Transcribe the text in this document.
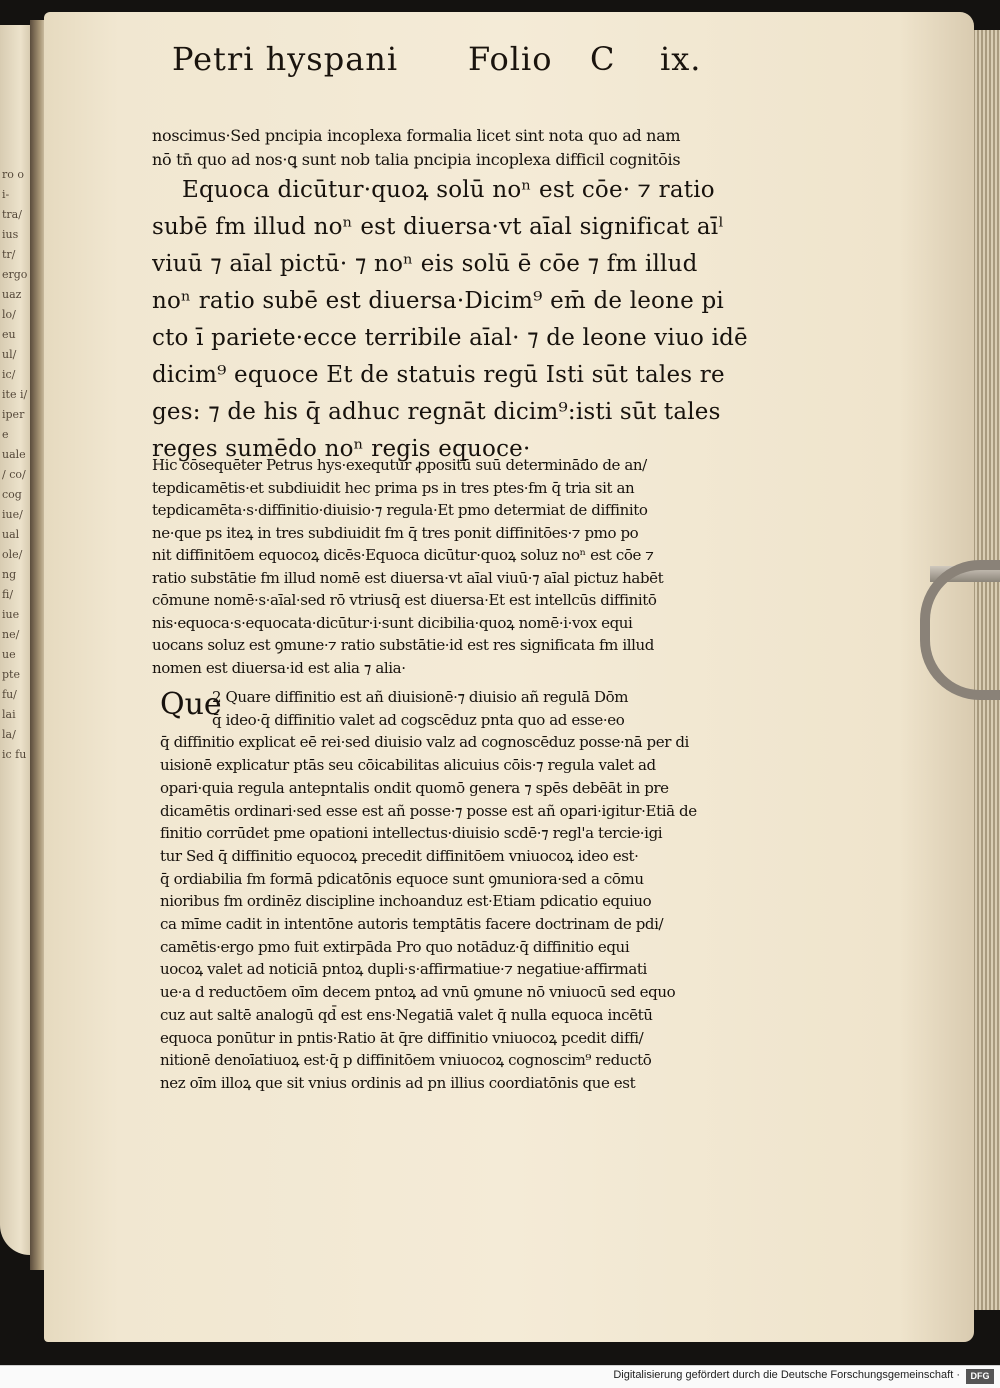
ro o i- tra/ ius tr/ ergo uaz lo/ eu ul/ ic/ ite i/ ipere uale/ co/ cog iue/ ual ole/ ng fi/ iue ne/ ue pte fu/ lai la/ ic fu
Petri hyspani Folio C ix.
noscimus·Sed pncipia incoplexa formalia licet sint nota quo ad nam
nō tn̄ quo ad nos·ꝗ sunt nob talia pncipia incoplexa difficil cognitōis
Equoca dicūtur·quoꝝ solū noⁿ est cōe· ⁊ ratio
subē fm illud noⁿ est diuersa·vt aīal significat aīˡ
viuū ⁊ aīal pictū· ⁊ noⁿ eis solū ē cōe ⁊ fm illud
noⁿ ratio subē est diuersa·Dicim⁹ em̄ de leone pi
cto ī pariete·ecce terribile aīal· ⁊ de leone viuo idē
dicim⁹ equoce Et de statuis regū Isti sūt tales re
ges: ⁊ de his q̄ adhuc regnāt dicim⁹:isti sūt tales
reges sumēdo noⁿ regis equoce·
Hic cōsequēter Petrus hys·exequtur ꝓpositū suū determinādo de an/
tepdicamētis·et subdiuidit hec prima ps in tres ptes·fm q̄ tria sit an
tepdicamēta·s·diffinitio·diuisio·⁊ regula·Et pmo determiat de diffinito
ne·que ps iteꝝ in tres subdiuidit fm q̄ tres ponit diffinitōes·⁊ pmo po
nit diffinitōem equocoꝝ dicēs·Equoca dicūtur·quoꝝ soluz noⁿ est cōe ⁊
ratio substātie fm illud nomē est diuersa·vt aīal viuū·⁊ aīal pictuz habēt
cōmune nomē·s·aīal·sed rō vtriusq̄ est diuersa·Et est intellcūs diffinitō
nis·equoca·s·equocata·dicūtur·i·sunt dicibilia·quoꝝ nomē·i·vox equi
uocans soluz est ꝯmune·⁊ ratio substātie·id est res significata fm illud
nomen est diuersa·id est alia ⁊ alia·
2 Quare diffinitio est añ diuisionē·⁊ diuisio añ regulā Dōm
q̄ ideo·q̄ diffinitio valet ad cogscēduz pnta quo ad esse·eo
q̄ diffinitio explicat eē rei·sed diuisio valz ad cognoscēduz posse·nā per di
uisionē explicatur ptās seu cōicabilitas alicuius cōis·⁊ regula valet ad
opari·quia regula antepntalis ondit quomō genera ⁊ spēs debēāt in pre
dicamētis ordinari·sed esse est añ posse·⁊ posse est añ opari·igitur·Etiā de
finitio corrūdet pme opationi intellectus·diuisio scdē·⁊ regl'a tercie·igi
tur Sed q̄ diffinitio equocoꝝ precedit diffinitōem vniuocoꝝ ideo est·
q̄ ordiabilia fm formā pdicatōnis equoce sunt ꝯmuniora·sed a cōmu
nioribus fm ordinēz discipline inchoanduz est·Etiam pdicatio equiuo
ca mīme cadit in intentōne autoris temptātis facere doctrinam de pdi/
camētis·ergo pmo fuit extirpāda Pro quo notāduz·q̄ diffinitio equi
uocoꝝ valet ad noticiā pntoꝝ dupli·s·affirmatiue·⁊ negatiue·affirmati
ue·a d reductōem oīm decem pntoꝝ ad vnū ꝯmune nō vniuocū sed equo
cuz aut saltē analogū qd̄ est ens·Negatiā valet q̄ nulla equoca incētū
equoca ponūtur in pntis·Ratio āt q̄re diffinitio vniuocoꝝ pcedit diffi/
nitionē denoīatiuoꝝ est·q̄ p diffinitōem vniuocoꝝ cognoscim⁹ reductō
nez oīm illoꝝ que sit vnius ordinis ad pn illius coordiatōnis que est
Que
Digitalisierung gefördert durch die Deutsche Forschungsgemeinschaft ·	DFG
